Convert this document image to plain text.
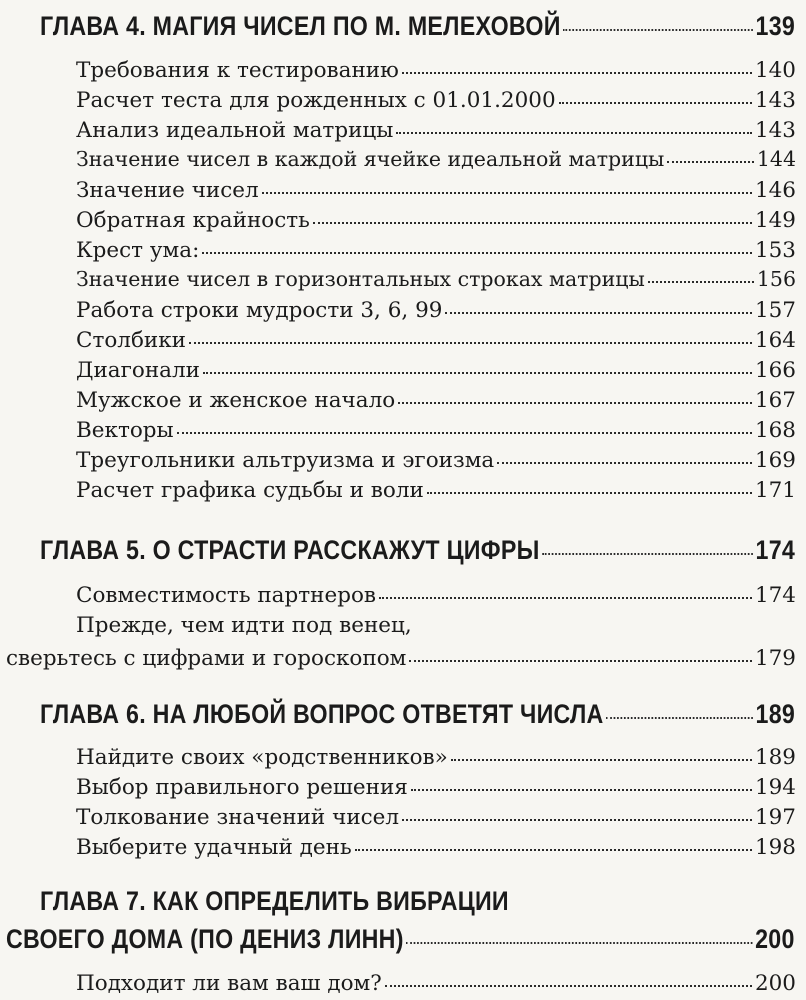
ГЛАВА 4. МАГИЯ ЧИСЕЛ ПО М. МЕЛЕХОВОЙ	139
Требования к тестированию	140
Расчет теста для рожденных с 01.01.2000	143
Анализ идеальной матрицы	143
Значение чисел в каждой ячейке идеальной матрицы	144
Значение чисел	146
Обратная крайность	149
Крест ума:	153
Значение чисел в горизонтальных строках матрицы	156
Работа строки мудрости 3, 6, 99	157
Столбики	164
Диагонали	166
Мужское и женское начало	167
Векторы	168
Треугольники альтруизма и эгоизма	169
Расчет графика судьбы и воли	171
ГЛАВА 5. О СТРАСТИ РАССКАЖУТ ЦИФРЫ	174
Совместимость партнеров	174
Прежде, чем идти под венец,
сверьтесь с цифрами и гороскопом	179
ГЛАВА 6. НА ЛЮБОЙ ВОПРОС ОТВЕТЯТ ЧИСЛА	189
Найдите своих «родственников»	189
Выбор правильного решения	194
Толкование значений чисел	197
Выберите удачный день	198
ГЛАВА 7. КАК ОПРЕДЕЛИТЬ ВИБРАЦИИ
СВОЕГО ДОМА (ПО ДЕНИЗ ЛИНН)	200
Подходит ли вам ваш дом?	200
